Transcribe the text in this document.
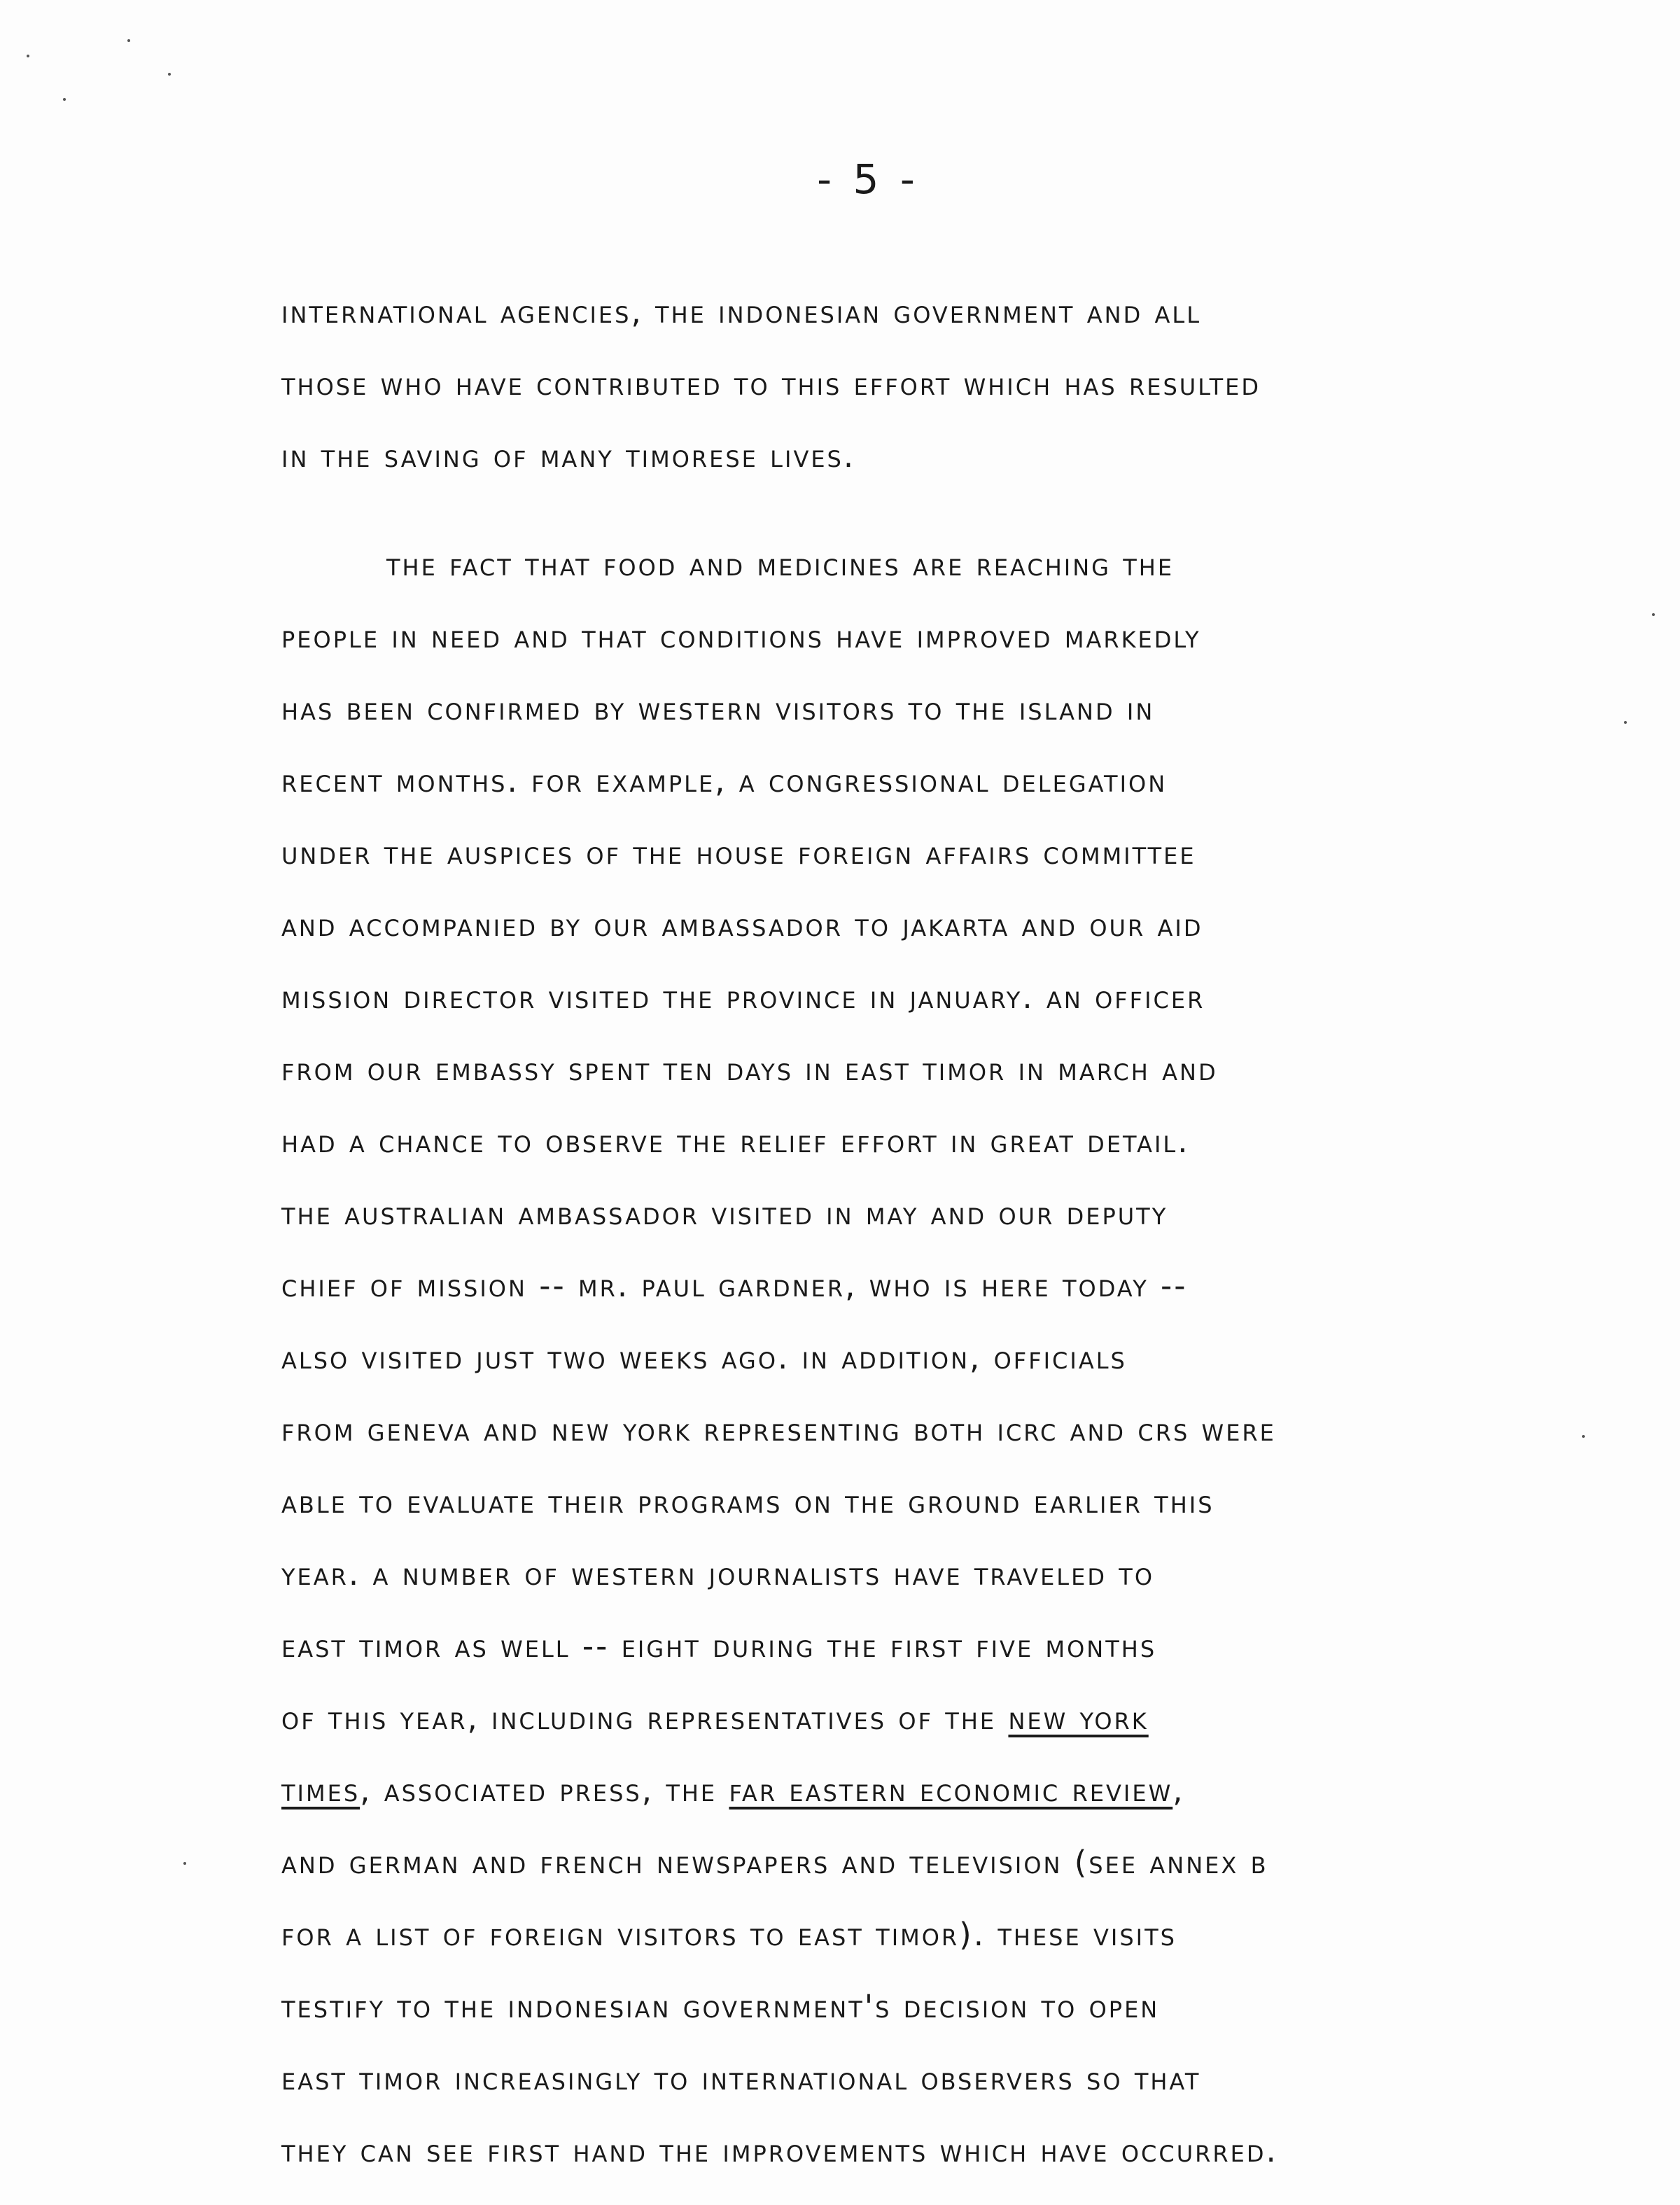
- 5 -
international agencies, the indonesian government and all
those who have contributed to this effort which has resulted
in the saving of many timorese lives.
the fact that food and medicines are reaching the
people in need and that conditions have improved markedly
has been confirmed by western visitors to the island in
recent months. for example, a congressional delegation
under the auspices of the house foreign affairs committee
and accompanied by our ambassador to jakarta and our aid
mission director visited the province in january. an officer
from our embassy spent ten days in east timor in march and
had a chance to observe the relief effort in great detail.
the australian ambassador visited in may and our deputy
chief of mission -- mr. paul gardner, who is here today --
also visited just two weeks ago. in addition, officials
from geneva and new york representing both icrc and crs were
able to evaluate their programs on the ground earlier this
year. a number of western journalists have traveled to
east timor as well -- eight during the first five months
of this year, including representatives of the new york
times, associated press, the far eastern economic review,
and german and french newspapers and television (see annex b
for a list of foreign visitors to east timor). these visits
testify to the indonesian government's decision to open
east timor increasingly to international observers so that
they can see first hand the improvements which have occurred.
